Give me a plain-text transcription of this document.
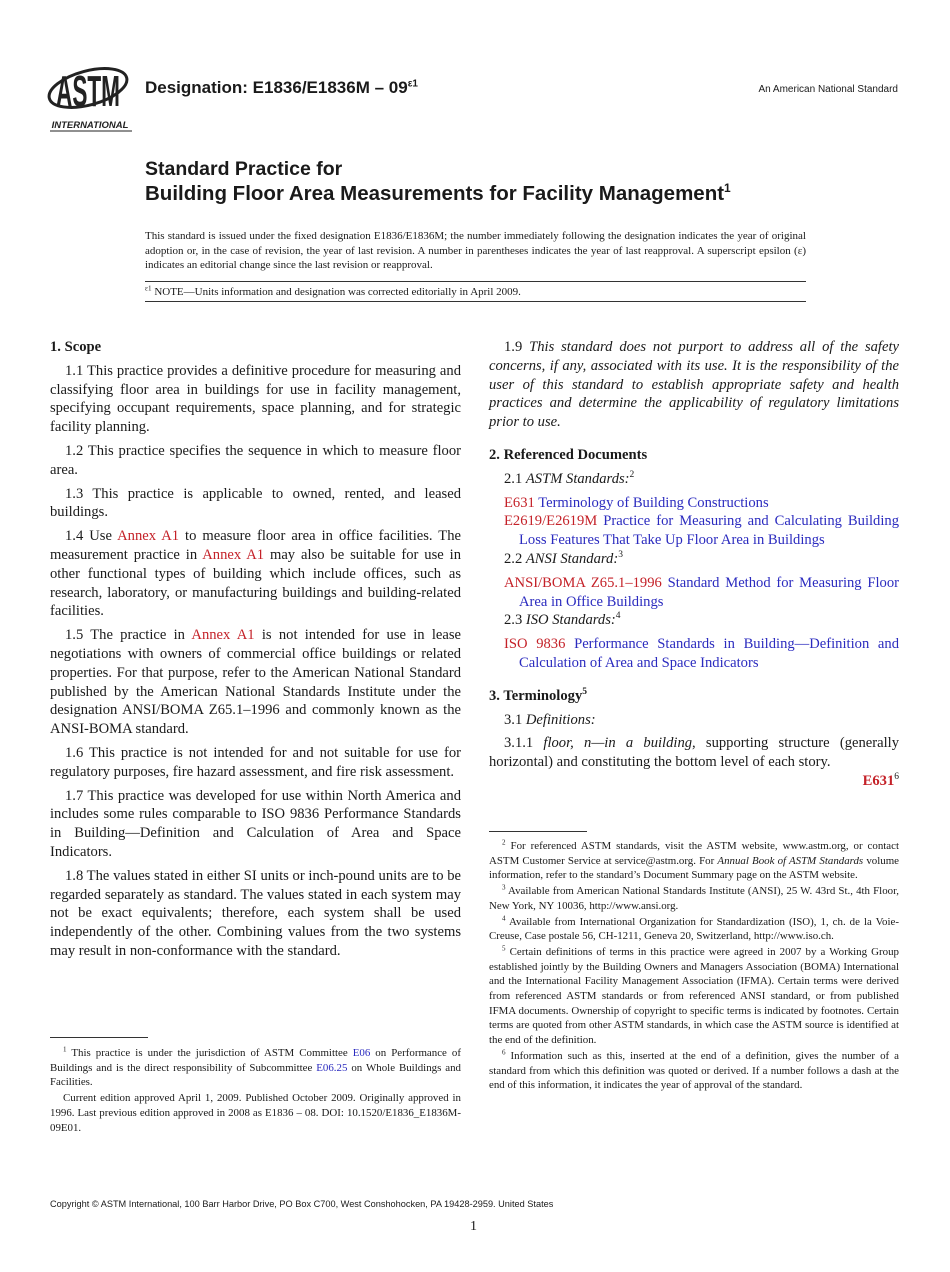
ASTM
INTERNATIONAL
Designation: $E1836/E1836M - 09^{\varepsilon 1}$
An American National Standard
Standard Practice for
Building Floor Area Measurements for Facility Management$^1$
This standard is issued under the fixed designation E1836/E1836M; the number immediately following the designation indicates the year of original adoption or, in the case of revision, the year of last revision. A number in parentheses indicates the year of last reapproval. A superscript epsilon (ε) indicates an editorial change since the last revision or reapproval.
$^{\varepsilon 1}$ NOTE—Units information and designation was corrected editorially in April 2009.
1. Scope

1.1 This practice provides a definitive procedure for measuring and classifying floor area in buildings for use in facility management, specifying occupant requirements, space planning, and for strategic facility planning.

1.2 This practice specifies the sequence in which to measure floor area.

1.3 This practice is applicable to owned, rented, and leased buildings.

1.4 Use Annex A1 to measure floor area in office facilities. The measurement practice in Annex A1 may also be suitable for use in other functional types of building which include offices, such as research, laboratory, or manufacturing buildings and building-related facilities.

1.5 The practice in Annex A1 is not intended for use in lease negotiations with owners of commercial office buildings or related properties. For that purpose, refer to the American National Standard published by the American National Standards Institute under the designation ANSI/BOMA Z65.1–1996 and commonly known as the ANSI-BOMA standard.

1.6 This practice is not intended for and not suitable for use for regulatory purposes, fire hazard assessment, and fire risk assessment.

1.7 This practice was developed for use within North America and includes some rules comparable to ISO 9836 Performance Standards in Building—Definition and Calculation of Area and Space Indicators.

1.8 The values stated in either SI units or inch-pound units are to be regarded separately as standard. The values stated in each system may not be exact equivalents; therefore, each system shall be used independently of the other. Combining values from the two systems may result in non-conformance with the standard.

1.9 This standard does not purport to address all of the safety concerns, if any, associated with its use. It is the responsibility of the user of this standard to establish appropriate safety and health practices and determine the applicability of regulatory limitations prior to use.

2. Referenced Documents

2.1 ASTM Standards:$^2$

E631 Terminology of Building Constructions

E2619/E2619M Practice for Measuring and Calculating Building Loss Features That Take Up Floor Area in Buildings

2.2 ANSI Standard:$^3$

ANSI/BOMA Z65.1–1996 Standard Method for Measuring Floor Area in Office Buildings

2.3 ISO Standards:$^4$

ISO 9836 Performance Standards in Building—Definition and Calculation of Area and Space Indicators

3. Terminology$^5$

3.1 Definitions:

3.1.1 floor, n—in a building, supporting structure (generally horizontal) and constituting the bottom level of each story.

$E631^6$

$^1$ This practice is under the jurisdiction of ASTM Committee E06 on Performance of Buildings and is the direct responsibility of Subcommittee E06.25 on Whole Buildings and Facilities.

Current edition approved April 1, 2009. Published October 2009. Originally approved in 1996. Last previous edition approved in 2008 as E1836 – 08. DOI: 10.1520/E1836_E1836M-09E01.

$^2$ For referenced ASTM standards, visit the ASTM website, www.astm.org, or contact ASTM Customer Service at service@astm.org. For Annual Book of ASTM Standards volume information, refer to the standard’s Document Summary page on the ASTM website.

$^3$ Available from American National Standards Institute (ANSI), 25 W. 43rd St., 4th Floor, New York, NY 10036, http://www.ansi.org.

$^4$ Available from International Organization for Standardization (ISO), 1, ch. de la Voie-Creuse, Case postale 56, CH-1211, Geneva 20, Switzerland, http://www.iso.ch.

$^5$ Certain definitions of terms in this practice were agreed in 2007 by a Working Group established jointly by the Building Owners and Managers Association (BOMA) International and the International Facility Management Association (IFMA). Certain terms were derived from referenced ASTM standards or from referenced ANSI standard, or from published IFMA documents. Ownership of copyright to specific terms is indicated by footnotes. Certain terms are quoted from other ASTM standards, in which case the ASTM source is identified at the end of the definition.

$^6$ Information such as this, inserted at the end of a definition, gives the number of a standard from which this definition was quoted or derived. If a number follows a dash at the end of this information, it indicates the year of approval of the standard.

Copyright © ASTM International, 100 Barr Harbor Drive, PO Box C700, West Conshohocken, PA 19428-2959. United States
1
